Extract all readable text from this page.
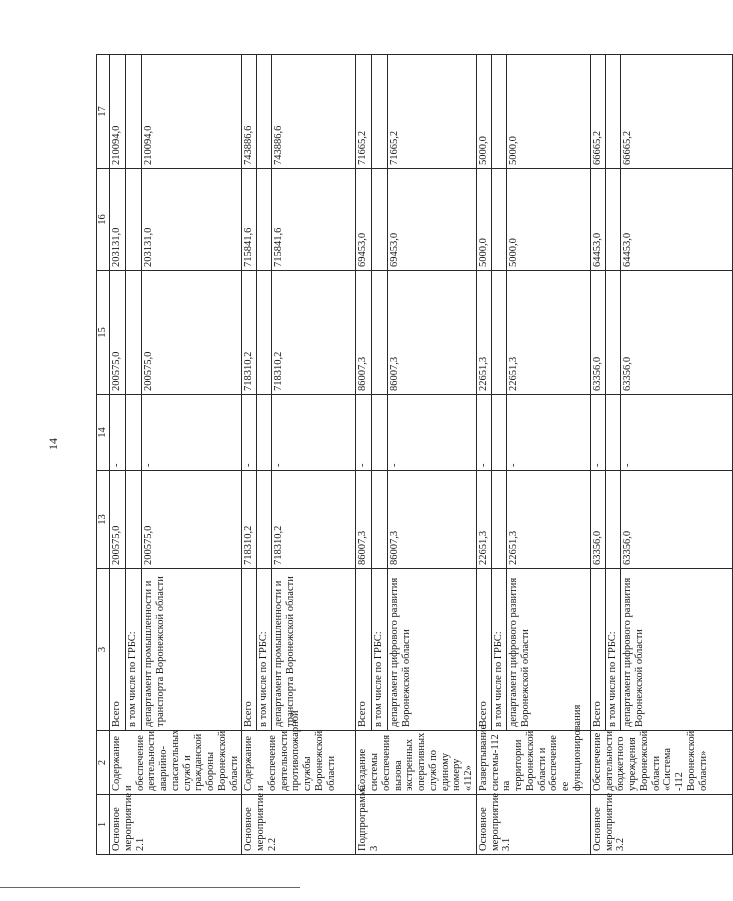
14
1	2	3	13	14	15	16	17
Основное мероприятие 2.1	Содержание и обеспечение деятельности аварийно-спасательных служб и гражданской обороны Воронежской области	Всего	200575,0	-	200575,0	203131,0	210094,0
		в том числе по ГРБС:					
		департамент промышленности и транспорта Воронежской области	200575,0	-	200575,0	203131,0	210094,0
Основное мероприятие 2.2	Содержание и обеспечение деятельности противопожарной службы Воронежской области	Всего	718310,2	-	718310,2	715841,6	743886,6
		в том числе по ГРБС:					
		департамент промышленности и транспорта Воронежской области	718310,2	-	718310,2	715841,6	743886,6
Подпрограмма 3	Создание системы обеспечения вызова экстренных оперативных служб по единому номеру «112»	Всего	86007,3	-	86007,3	69453,0	71665,2
		в том числе по ГРБС:					
		департамент цифрового развития Воронежской области	86007,3	-	86007,3	69453,0	71665,2
Основное мероприятие 3.1	Развертывание системы-112 на территории Воронежской области и обеспечение ее функционирования	Всего	22651,3	-	22651,3	5000,0	5000,0
		в том числе по ГРБС:					
		департамент цифрового развития Воронежской области	22651,3	-	22651,3	5000,0	5000,0
Основное мероприятие 3.2	Обеспечение деятельности бюджетного учреждения Воронежской области «Система -112 Воронежской области»	Всего	63356,0	-	63356,0	64453,0	66665,2
		в том числе по ГРБС:					
		департамент цифрового развития Воронежской области	63356,0	-	63356,0	64453,0	66665,2
